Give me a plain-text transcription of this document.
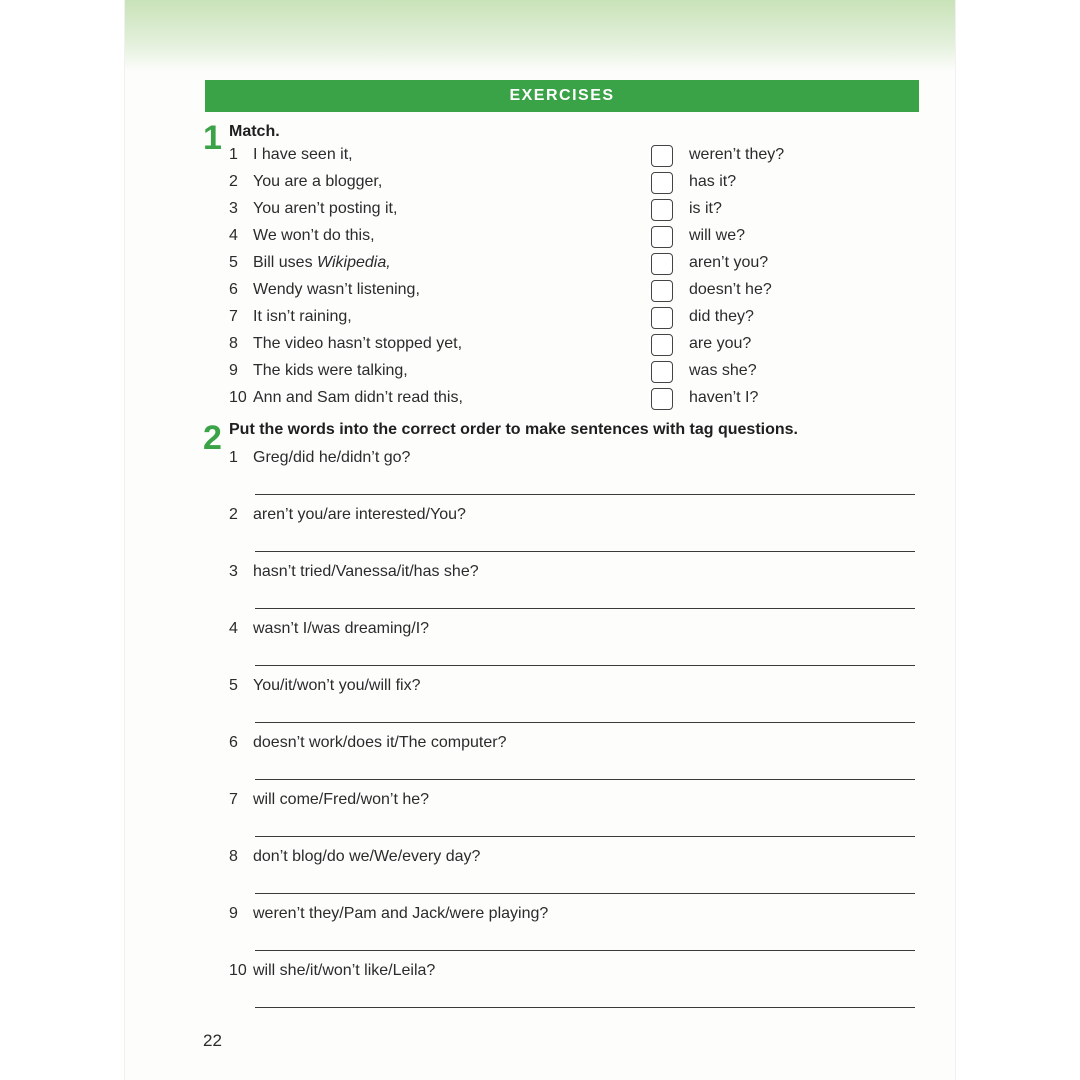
EXERCISES
1 Match.
1 I have seen it,	weren’t they?
2 You are a blogger,	has it?
3 You aren’t posting it,	is it?
4 We won’t do this,	will we?
5 Bill uses Wikipedia,	aren’t you?
6 Wendy wasn’t listening,	doesn’t he?
7 It isn’t raining,	did they?
8 The video hasn’t stopped yet,	are you?
9 The kids were talking,	was she?
10 Ann and Sam didn’t read this,	haven’t I?
2 Put the words into the correct order to make sentences with tag questions.
1 Greg/did he/didn’t go?
2 aren’t you/are interested/You?
3 hasn’t tried/Vanessa/it/has she?
4 wasn’t I/was dreaming/I?
5 You/it/won’t you/will fix?
6 doesn’t work/does it/The computer?
7 will come/Fred/won’t he?
8 don’t blog/do we/We/every day?
9 weren’t they/Pam and Jack/were playing?
10 will she/it/won’t like/Leila?
22
